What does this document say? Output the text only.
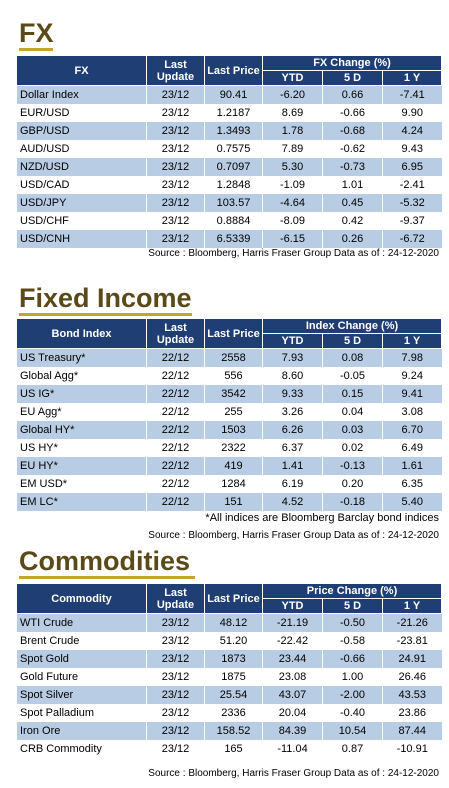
FX
FX	Last Update	Last Price	FX Change (%)		
			YTD	5 D	1 Y
Dollar Index	23/12	90.41	-6.20	0.66	-7.41
EUR/USD	23/12	1.2187	8.69	-0.66	9.90
GBP/USD	23/12	1.3493	1.78	-0.68	4.24
AUD/USD	23/12	0.7575	7.89	-0.62	9.43
NZD/USD	23/12	0.7097	5.30	-0.73	6.95
USD/CAD	23/12	1.2848	-1.09	1.01	-2.41
USD/JPY	23/12	103.57	-4.64	0.45	-5.32
USD/CHF	23/12	0.8884	-8.09	0.42	-9.37
USD/CNH	23/12	6.5339	-6.15	0.26	-6.72
Source : Bloomberg, Harris Fraser Group Data as of : 24-12-2020
Fixed Income
Bond Index	Last Update	Last Price	Index Change (%)		
			YTD	5 D	1 Y
US Treasury*	22/12	2558	7.93	0.08	7.98
Global Agg*	22/12	556	8.60	-0.05	9.24
US IG*	22/12	3542	9.33	0.15	9.41
EU Agg*	22/12	255	3.26	0.04	3.08
Global HY*	22/12	1503	6.26	0.03	6.70
US HY*	22/12	2322	6.37	0.02	6.49
EU HY*	22/12	419	1.41	-0.13	1.61
EM USD*	22/12	1284	6.19	0.20	6.35
EM LC*	22/12	151	4.52	-0.18	5.40
*All indices are Bloomberg Barclay bond indices
Source : Bloomberg, Harris Fraser Group Data as of : 24-12-2020
Commodities
Commodity	Last Update	Last Price	Price Change (%)		
			YTD	5 D	1 Y
WTI Crude	23/12	48.12	-21.19	-0.50	-21.26
Brent Crude	23/12	51.20	-22.42	-0.58	-23.81
Spot Gold	23/12	1873	23.44	-0.66	24.91
Gold Future	23/12	1875	23.08	1.00	26.46
Spot Silver	23/12	25.54	43.07	-2.00	43.53
Spot Palladium	23/12	2336	20.04	-0.40	23.86
Iron Ore	23/12	158.52	84.39	10.54	87.44
CRB Commodity	23/12	165	-11.04	0.87	-10.91
Source : Bloomberg, Harris Fraser Group Data as of : 24-12-2020
